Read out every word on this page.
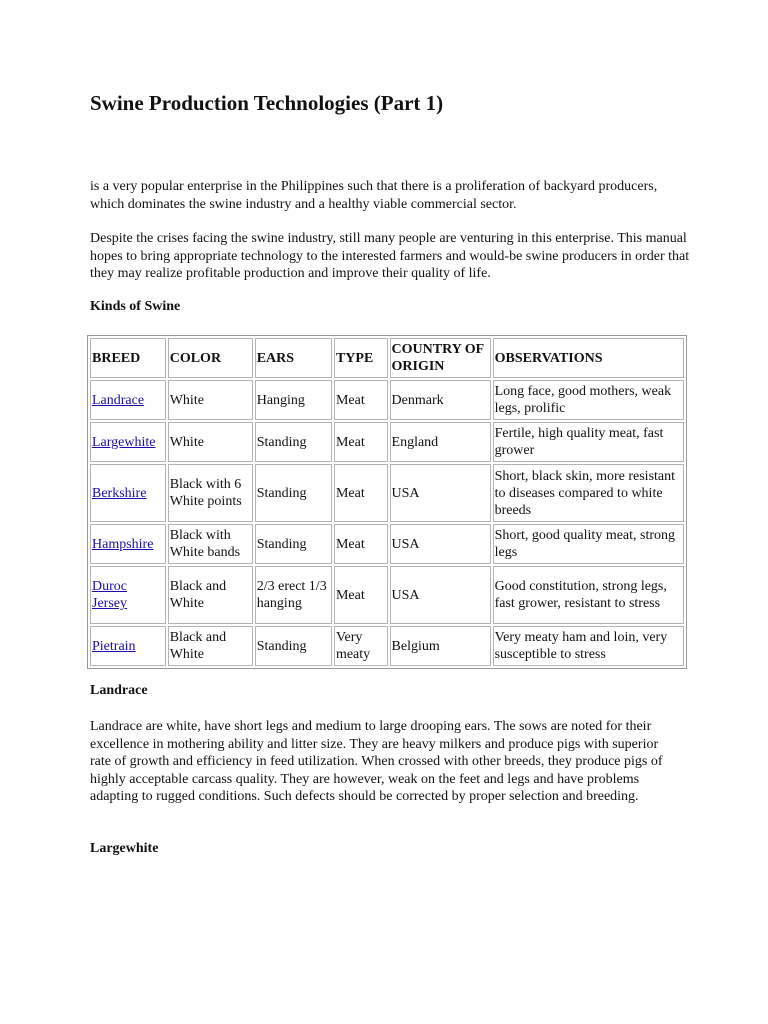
Swine Production Technologies (Part 1)

is a very popular enterprise in the Philippines such that there is a proliferation of backyard producers, which dominates the swine industry and a healthy viable commercial sector.

Despite the crises facing the swine industry, still many people are venturing in this enterprise. This manual hopes to bring appropriate technology to the interested farmers and would-be swine producers in order that they may realize profitable production and improve their quality of life.

Kinds of Swine
BREED	COLOR	EARS	TYPE	COUNTRY OF ORIGIN	OBSERVATIONS
Landrace	White	Hanging	Meat	Denmark	Long face, good mothers, weak legs, prolific
Largewhite	White	Standing	Meat	England	Fertile, high quality meat, fast grower
Berkshire	Black with 6 White points	Standing	Meat	USA	Short, black skin, more resistant to diseases compared to white breeds
Hampshire	Black with White bands	Standing	Meat	USA	Short, good quality meat, strong legs
Duroc Jersey	Black and White	2/3 erect 1/3 hanging	Meat	USA	Good constitution, strong legs, fast grower, resistant to stress
Pietrain	Black and White	Standing	Very meaty	Belgium	Very meaty ham and loin, very susceptible to stress
Landrace

Landrace are white, have short legs and medium to large drooping ears. The sows are noted for their excellence in mothering ability and litter size. They are heavy milkers and produce pigs with superior rate of growth and efficiency in feed utilization. When crossed with other breeds, they produce pigs of highly acceptable carcass quality. They are however, weak on the feet and legs and have problems adapting to rugged conditions. Such defects should be corrected by proper selection and breeding.

Largewhite
